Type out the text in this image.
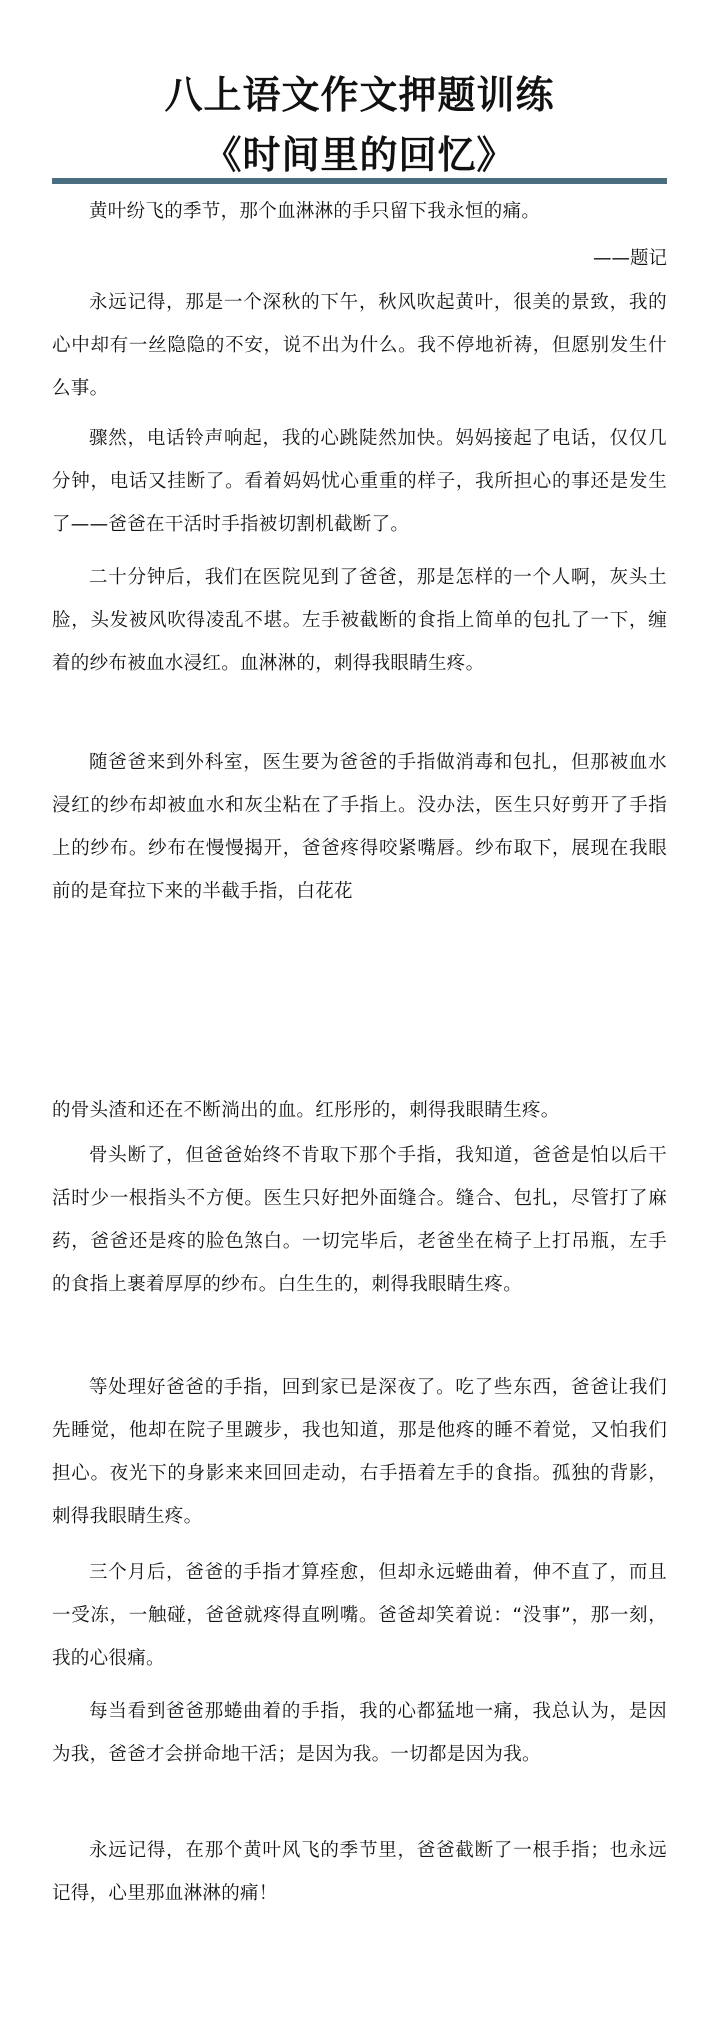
八上语文作文押题训练
《时间里的回忆》

黄叶纷飞的季节，那个血淋淋的手只留下我永恒的痛。

——题记

永远记得，那是一个深秋的下午，秋风吹起黄叶，很美的景致，我的心中却有一丝隐隐的不安，说不出为什么。我不停地祈祷，但愿别发生什么事。

骤然，电话铃声响起，我的心跳陡然加快。妈妈接起了电话，仅仅几分钟，电话又挂断了。看着妈妈忧心重重的样子，我所担心的事还是发生了——爸爸在干活时手指被切割机截断了。

二十分钟后，我们在医院见到了爸爸，那是怎样的一个人啊，灰头土脸，头发被风吹得凌乱不堪。左手被截断的食指上简单的包扎了一下，缠着的纱布被血水浸红。血淋淋的，刺得我眼睛生疼。

随爸爸来到外科室，医生要为爸爸的手指做消毒和包扎，但那被血水浸红的纱布却被血水和灰尘粘在了手指上。没办法，医生只好剪开了手指上的纱布。纱布在慢慢揭开，爸爸疼得咬紧嘴唇。纱布取下，展现在我眼前的是耷拉下来的半截手指，白花花

的骨头渣和还在不断淌出的血。红彤彤的，刺得我眼睛生疼。

骨头断了，但爸爸始终不肯取下那个手指，我知道，爸爸是怕以后干活时少一根指头不方便。医生只好把外面缝合。缝合、包扎，尽管打了麻药，爸爸还是疼的脸色煞白。一切完毕后，老爸坐在椅子上打吊瓶，左手的食指上裹着厚厚的纱布。白生生的，刺得我眼睛生疼。

等处理好爸爸的手指，回到家已是深夜了。吃了些东西，爸爸让我们先睡觉，他却在院子里踱步，我也知道，那是他疼的睡不着觉，又怕我们担心。夜光下的身影来来回回走动，右手捂着左手的食指。孤独的背影，刺得我眼睛生疼。

三个月后，爸爸的手指才算痊愈，但却永远蜷曲着，伸不直了，而且一受冻，一触碰，爸爸就疼得直咧嘴。爸爸却笑着说：“没事”，那一刻，我的心很痛。

每当看到爸爸那蜷曲着的手指，我的心都猛地一痛，我总认为，是因为我，爸爸才会拼命地干活；是因为我。一切都是因为我。

永远记得，在那个黄叶风飞的季节里，爸爸截断了一根手指；也永远记得，心里那血淋淋的痛！
